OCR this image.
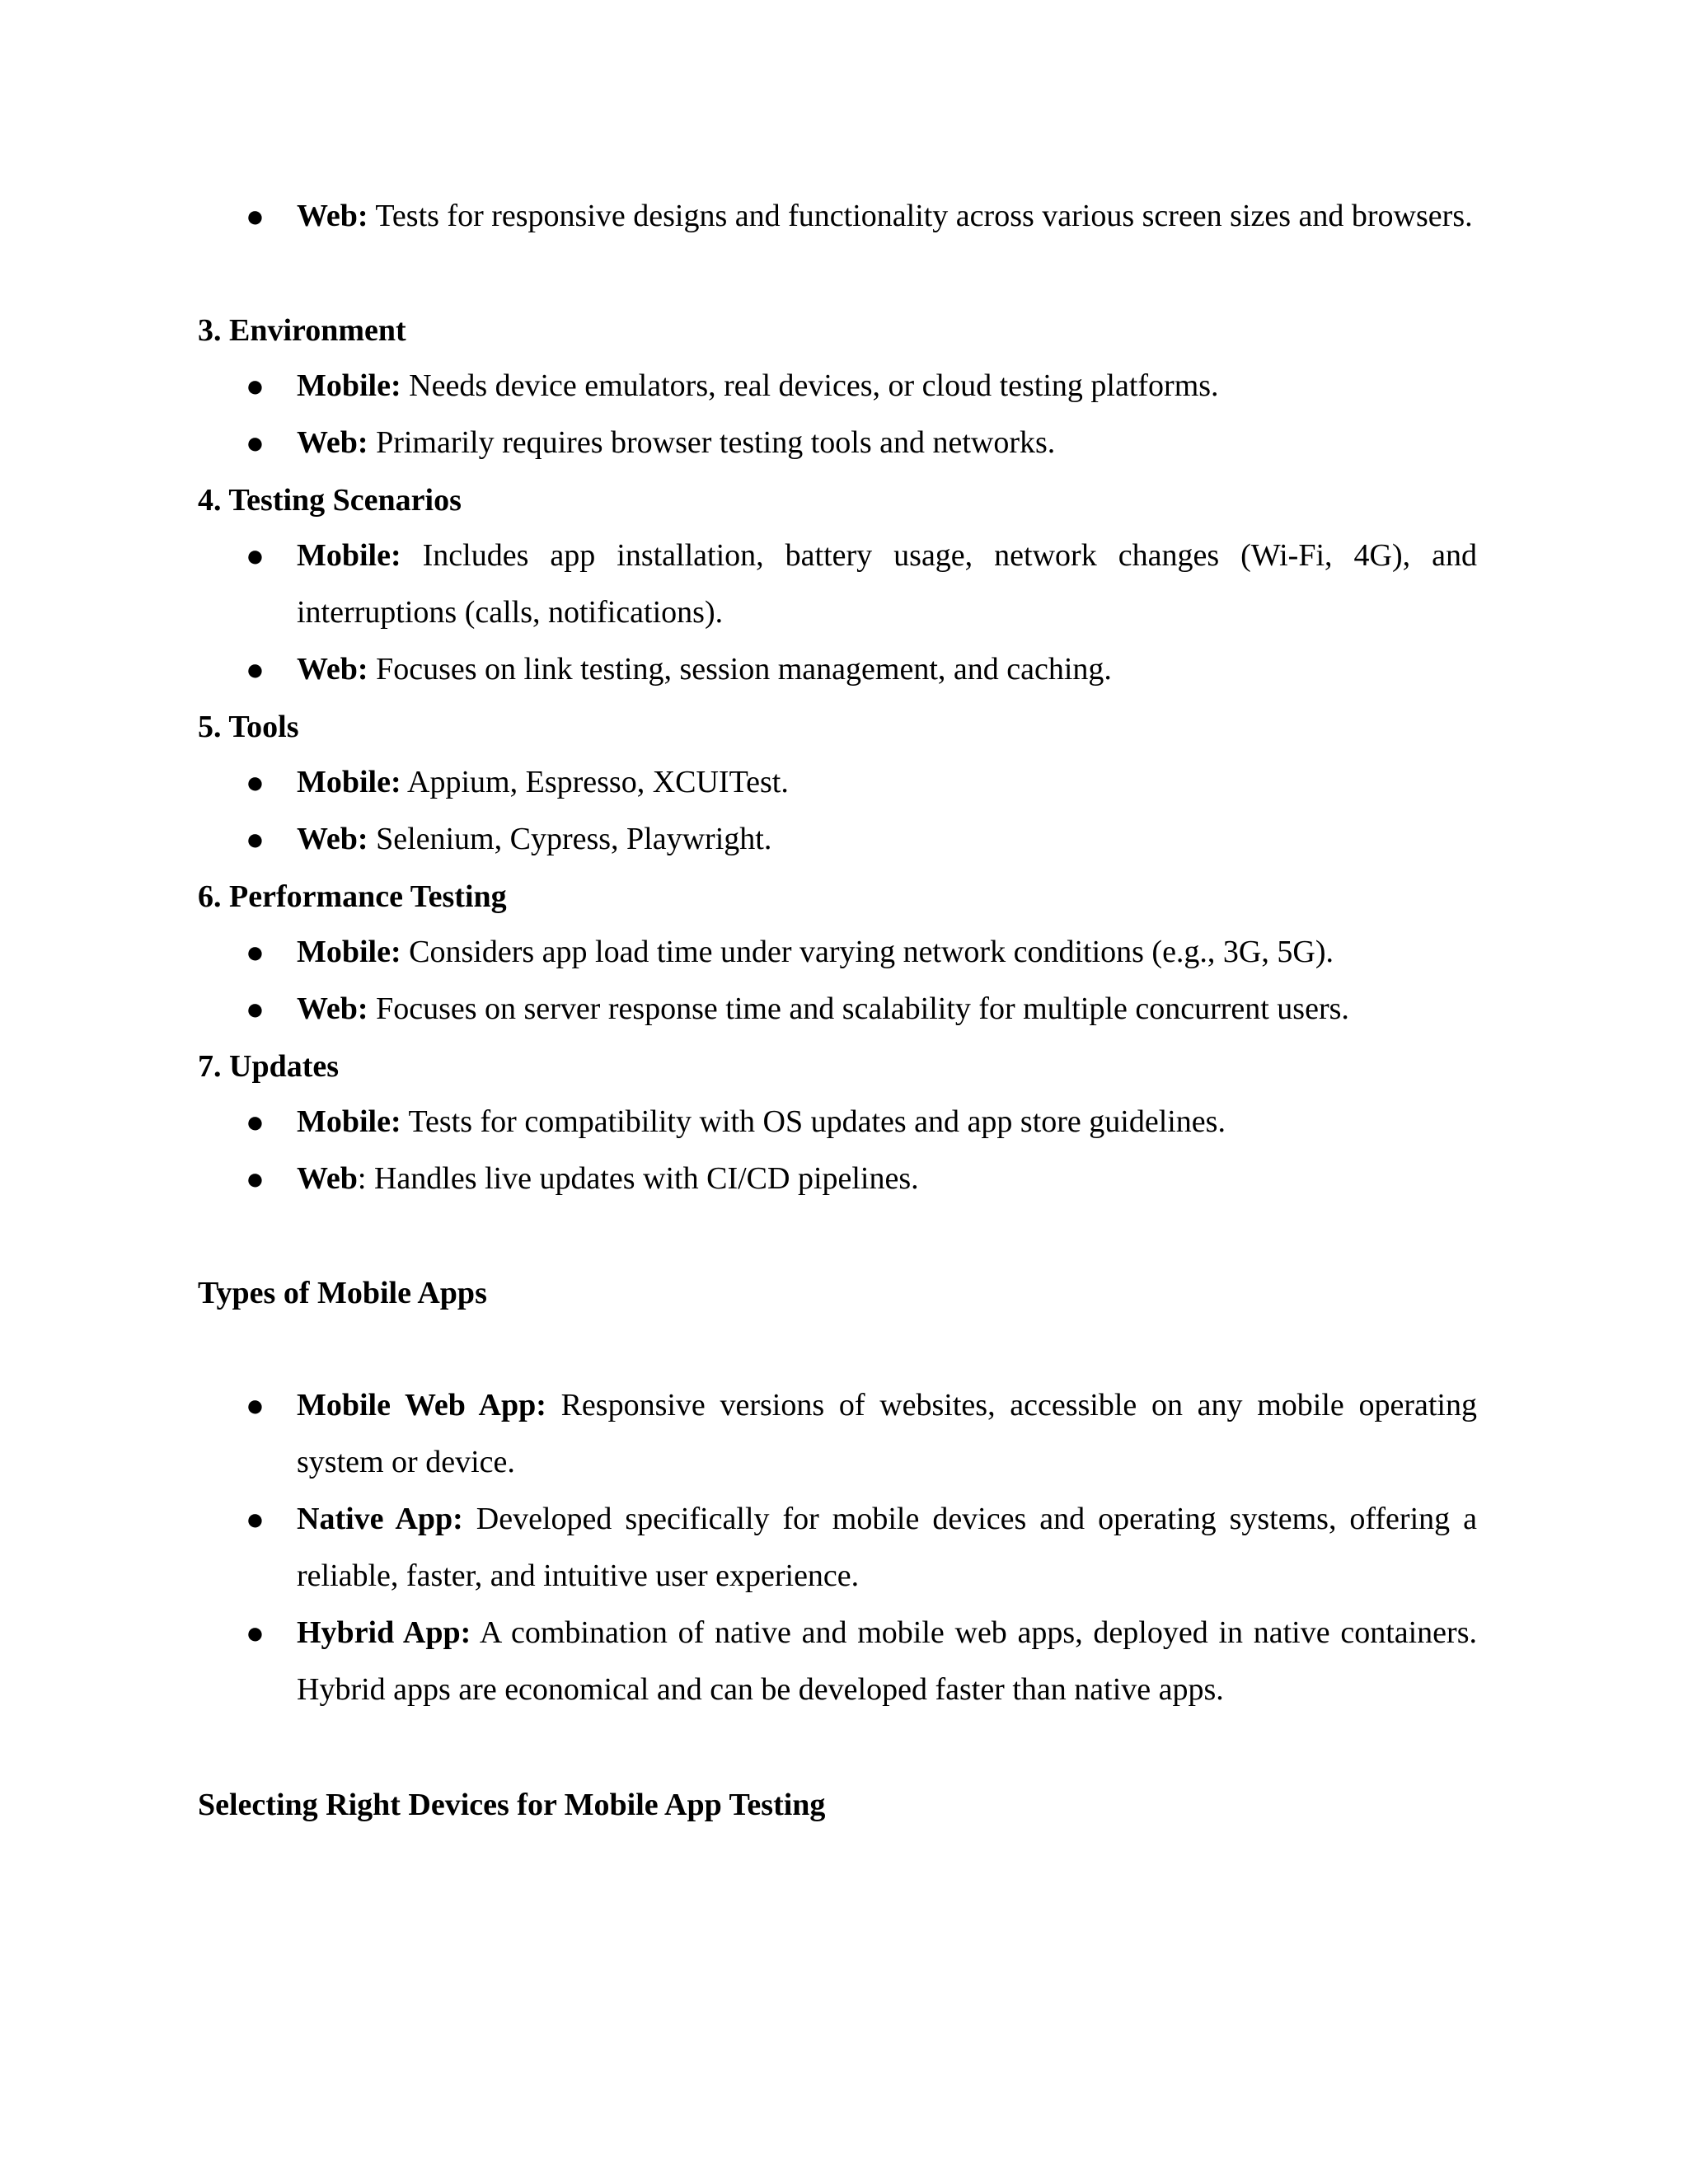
● Web: Tests for responsive designs and functionality across various screen sizes and browsers.
3. Environment
● Mobile: Needs device emulators, real devices, or cloud testing platforms.
● Web: Primarily requires browser testing tools and networks.
4. Testing Scenarios
● Mobile: Includes app installation, battery usage, network changes (Wi-Fi, 4G), and interruptions (calls, notifications).
● Web: Focuses on link testing, session management, and caching.
5. Tools
● Mobile: Appium, Espresso, XCUITest.
● Web: Selenium, Cypress, Playwright.
6. Performance Testing
● Mobile: Considers app load time under varying network conditions (e.g., 3G, 5G).
● Web: Focuses on server response time and scalability for multiple concurrent users.
7. Updates
● Mobile: Tests for compatibility with OS updates and app store guidelines.
● Web: Handles live updates with CI/CD pipelines.
Types of Mobile Apps
● Mobile Web App: Responsive versions of websites, accessible on any mobile operating system or device.
● Native App: Developed specifically for mobile devices and operating systems, offering a reliable, faster, and intuitive user experience.
● Hybrid App: A combination of native and mobile web apps, deployed in native containers. Hybrid apps are economical and can be developed faster than native apps.
Selecting Right Devices for Mobile App Testing
